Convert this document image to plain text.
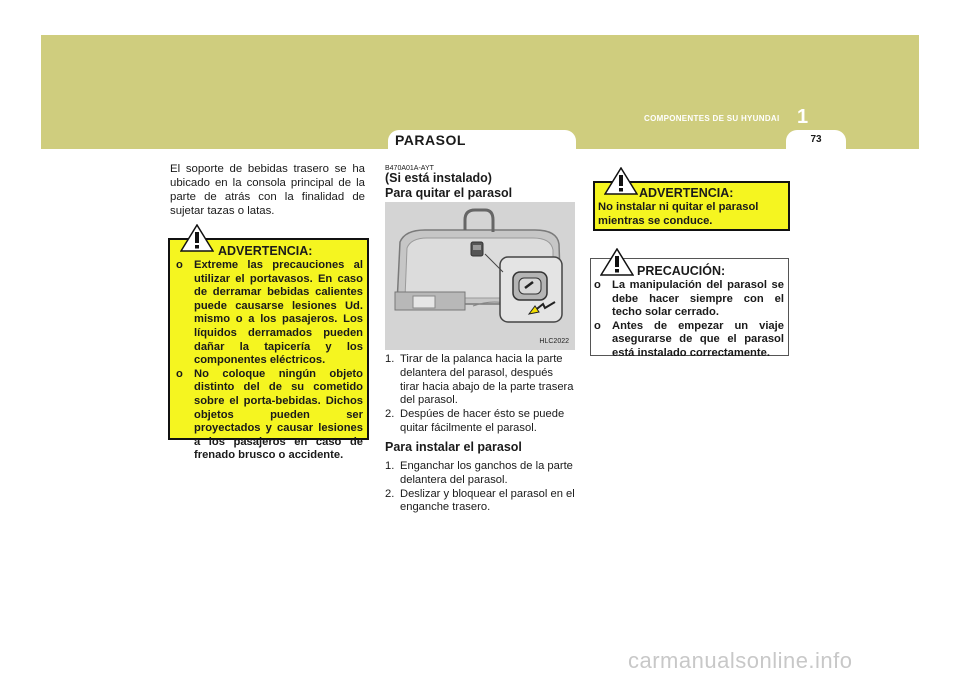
COMPONENTES DE SU HYUNDAI 1
PARASOL	73
El soporte de bebidas trasero se ha ubicado en la consola principal de la parte de atrás con la finalidad de sujetar tazas o latas.
ADVERTENCIA:
o Extreme las precauciones al utilizar el portavasos. En caso de derramar bebidas calientes puede causarse lesiones Ud. mismo o a los pasajeros. Los líquidos derramados pueden dañar la tapicería y los componentes eléctricos.
o No coloque ningún objeto distinto del de su cometido sobre el porta-bebidas. Dichos objetos pueden ser proyectados y causar lesiones a los pasajeros en caso de frenado brusco o accidente.
B470A01A-AYT
(Si está instalado)
Para quitar el parasol
HLC2022
1. Tirar de la palanca hacia la parte delantera del parasol, después tirar hacia abajo de la parte trasera del parasol.
2. Despúes de hacer ésto se puede quitar fácilmente el parasol.
Para instalar el parasol
1. Enganchar los ganchos de la parte delantera del parasol.
2. Deslizar y bloquear el parasol en el enganche trasero.
ADVERTENCIA:
No instalar ni quitar el parasol mientras se conduce.
PRECAUCIÓN:
o La manipulación del parasol se debe hacer siempre con el techo solar cerrado.
o Antes de empezar un viaje asegurarse de que el parasol está instalado correctamente.
carmanualsonline.info
